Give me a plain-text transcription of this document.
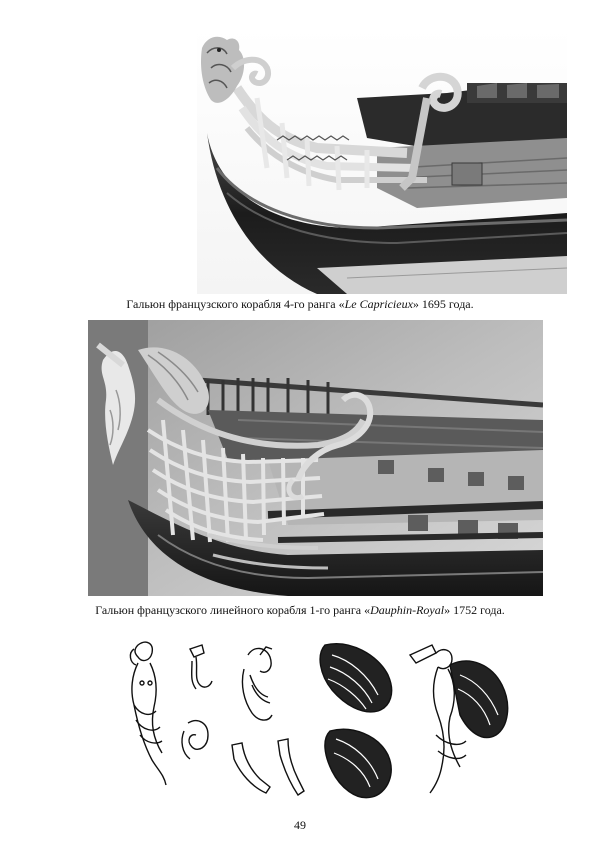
Гальюн французского корабля 4-го ранга «Le Capricieux» 1695 года.
Гальюн французского линейного корабля 1-го ранга «Dauphin-Royal» 1752 года.
49
